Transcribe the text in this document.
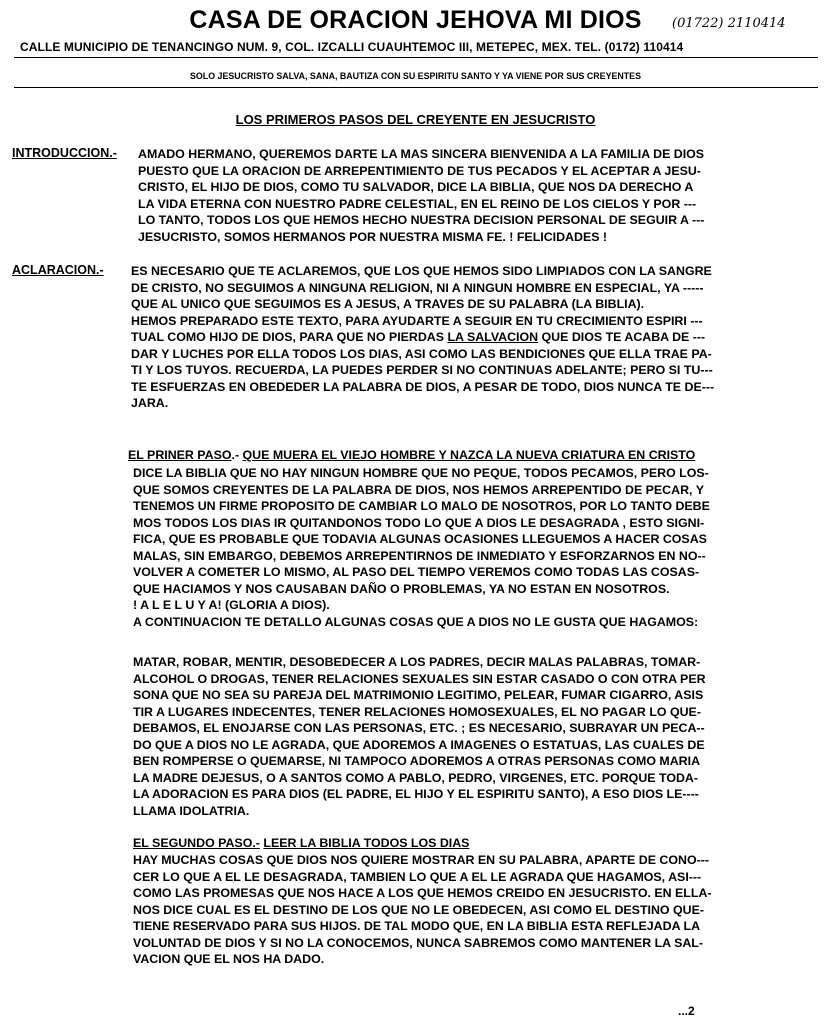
CASA DE ORACION JEHOVA MI DIOS	(01722) 2110414
CALLE MUNICIPIO DE TENANCINGO NUM. 9, COL. IZCALLI CUAUHTEMOC III, METEPEC, MEX. TEL. (0172) 110414
SOLO JESUCRISTO SALVA, SANA, BAUTIZA CON SU ESPIRITU SANTO Y YA VIENE POR SUS CREYENTES
LOS PRIMEROS PASOS DEL CREYENTE EN JESUCRISTO
INTRODUCCION.- AMADO HERMANO, QUEREMOS DARTE LA MAS SINCERA BIENVENIDA A LA FAMILIA DE DIOS
PUESTO QUE LA ORACION DE ARREPENTIMIENTO DE TUS PECADOS Y EL ACEPTAR A JESU-
CRISTO, EL HIJO DE DIOS, COMO TU SALVADOR, DICE LA BIBLIA, QUE NOS DA DERECHO A
LA VIDA ETERNA CON NUESTRO PADRE CELESTIAL, EN EL REINO DE LOS CIELOS Y POR ---
LO TANTO, TODOS LOS QUE HEMOS HECHO NUESTRA DECISION PERSONAL DE SEGUIR A ---
JESUCRISTO, SOMOS HERMANOS POR NUESTRA MISMA FE. ! FELICIDADES !
ACLARACION.- ES NECESARIO QUE TE ACLAREMOS, QUE LOS QUE HEMOS SIDO LIMPIADOS CON LA SANGRE
DE CRISTO, NO SEGUIMOS A NINGUNA RELIGION, NI A NINGUN HOMBRE EN ESPECIAL, YA -----
QUE AL UNICO QUE SEGUIMOS ES A JESUS, A TRAVES DE SU PALABRA (LA BIBLIA).
HEMOS PREPARADO ESTE TEXTO, PARA AYUDARTE A SEGUIR EN TU CRECIMIENTO ESPIRI ---
TUAL COMO HIJO DE DIOS, PARA QUE NO PIERDAS LA SALVACION QUE DIOS TE ACABA DE ---
DAR Y LUCHES POR ELLA TODOS LOS DIAS, ASI COMO LAS BENDICIONES QUE ELLA TRAE PA-
TI Y LOS TUYOS. RECUERDA, LA PUEDES PERDER SI NO CONTINUAS ADELANTE; PERO SI TU---
TE ESFUERZAS EN OBEDEDER LA PALABRA DE DIOS, A PESAR DE TODO, DIOS NUNCA TE DE---
JARA.
EL PRINER PASO.- QUE MUERA EL VIEJO HOMBRE Y NAZCA LA NUEVA CRIATURA EN CRISTO
DICE LA BIBLIA QUE NO HAY NINGUN HOMBRE QUE NO PEQUE, TODOS PECAMOS, PERO LOS-
QUE SOMOS CREYENTES DE LA PALABRA DE DIOS, NOS HEMOS ARREPENTIDO DE PECAR, Y
TENEMOS UN FIRME PROPOSITO DE CAMBIAR LO MALO DE NOSOTROS, POR LO TANTO DEBE
MOS TODOS LOS DIAS IR QUITANDONOS TODO LO QUE A DIOS LE DESAGRADA , ESTO SIGNI-
FICA, QUE ES PROBABLE QUE TODAVIA ALGUNAS OCASIONES LLEGUEMOS A HACER COSAS
MALAS, SIN EMBARGO, DEBEMOS ARREPENTIRNOS DE INMEDIATO Y ESFORZARNOS EN NO--
VOLVER A COMETER LO MISMO, AL PASO DEL TIEMPO VEREMOS COMO TODAS LAS COSAS-
QUE HACIAMOS Y NOS CAUSABAN DAÑO O PROBLEMAS, YA NO ESTAN EN NOSOTROS.
! A L E L U Y A! (GLORIA A DIOS).
A CONTINUACION TE DETALLO ALGUNAS COSAS QUE A DIOS NO LE GUSTA QUE HAGAMOS:
MATAR, ROBAR, MENTIR, DESOBEDECER A LOS PADRES, DECIR MALAS PALABRAS, TOMAR-
ALCOHOL O DROGAS, TENER RELACIONES SEXUALES SIN ESTAR CASADO O CON OTRA PER
SONA QUE NO SEA SU PAREJA DEL MATRIMONIO LEGITIMO, PELEAR, FUMAR CIGARRO, ASIS
TIR A LUGARES INDECENTES, TENER RELACIONES HOMOSEXUALES, EL NO PAGAR LO QUE-
DEBAMOS, EL ENOJARSE CON LAS PERSONAS, ETC. ; ES NECESARIO, SUBRAYAR UN PECA--
DO QUE A DIOS NO LE AGRADA, QUE ADOREMOS A IMAGENES O ESTATUAS, LAS CUALES DE
BEN ROMPERSE O QUEMARSE, NI TAMPOCO ADOREMOS A OTRAS PERSONAS COMO MARIA
LA MADRE DEJESUS, O A SANTOS COMO A PABLO, PEDRO, VIRGENES, ETC. PORQUE TODA-
LA ADORACION ES PARA DIOS (EL PADRE, EL HIJO Y EL ESPIRITU SANTO), A ESO DIOS LE----
LLAMA IDOLATRIA.
EL SEGUNDO PASO.- LEER LA BIBLIA TODOS LOS DIAS
HAY MUCHAS COSAS QUE DIOS NOS QUIERE MOSTRAR EN SU PALABRA, APARTE DE CONO---
CER LO QUE A EL LE DESAGRADA, TAMBIEN LO QUE A EL LE AGRADA QUE HAGAMOS, ASI---
COMO LAS PROMESAS QUE NOS HACE A LOS QUE HEMOS CREIDO EN JESUCRISTO. EN ELLA-
NOS DICE CUAL ES EL DESTINO DE LOS QUE NO LE OBEDECEN, ASI COMO EL DESTINO QUE-
TIENE RESERVADO PARA SUS HIJOS. DE TAL MODO QUE, EN LA BIBLIA ESTA REFLEJADA LA
VOLUNTAD DE DIOS Y SI NO LA CONOCEMOS, NUNCA SABREMOS COMO MANTENER LA SAL-
VACION QUE EL NOS HA DADO.
...2
